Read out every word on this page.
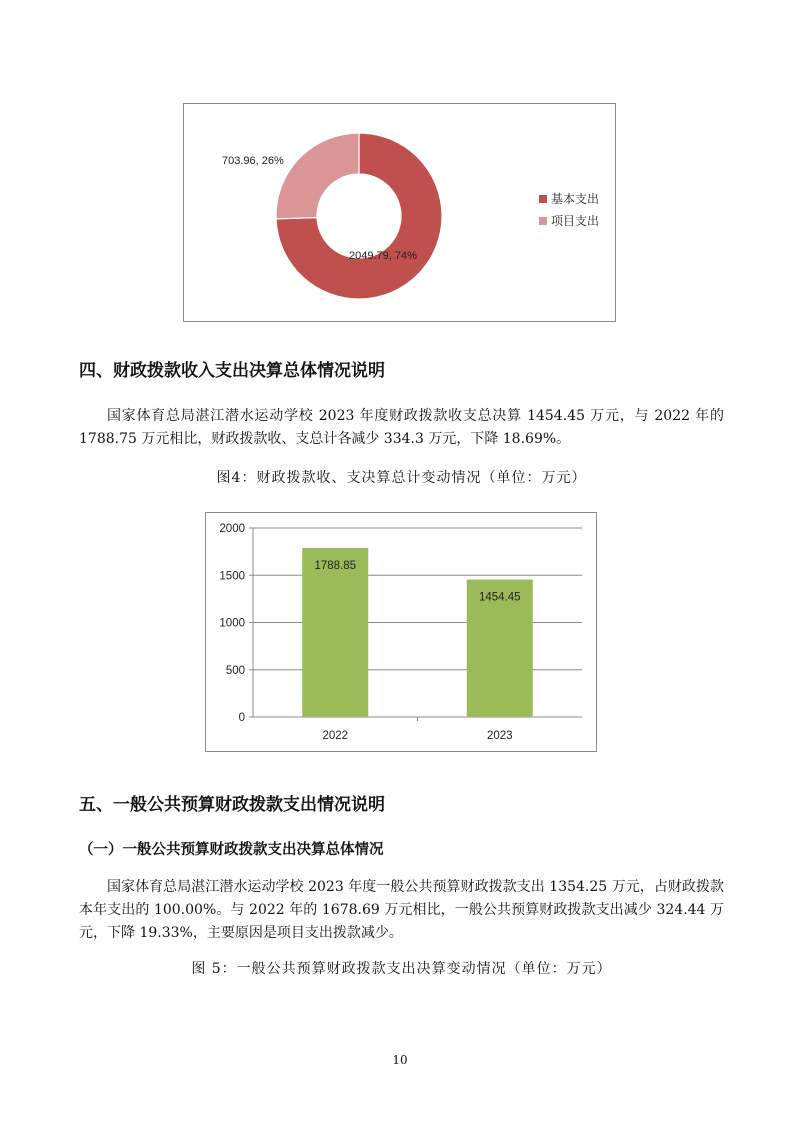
2049.79, 74%
703.96, 26%
基本支出
项目支出
四、财政拨款收入支出决算总体情况说明

国家体育总局湛江潜水运动学校 2023 年度财政拨款收支总决算 1454.45 万元，与 2022 年的 1788.75 万元相比，财政拨款收、支总计各减少 334.3 万元，下降 18.69%。

图4：财政拨款收、支决算总计变动情况（单位：万元）

0
500
1000
1500
2000
1788.85
2022
1454.45
2023
五、一般公共预算财政拨款支出情况说明
（一）一般公共预算财政拨款支出决算总体情况

国家体育总局湛江潜水运动学校 2023 年度一般公共预算财政拨款支出 1354.25 万元，占财政拨款本年支出的 100.00%。与 2022 年的 1678.69 万元相比，一般公共预算财政拨款支出减少 324.44 万元，下降 19.33%，主要原因是项目支出拨款减少。

图 5：一般公共预算财政拨款支出决算变动情况（单位：万元）

10
